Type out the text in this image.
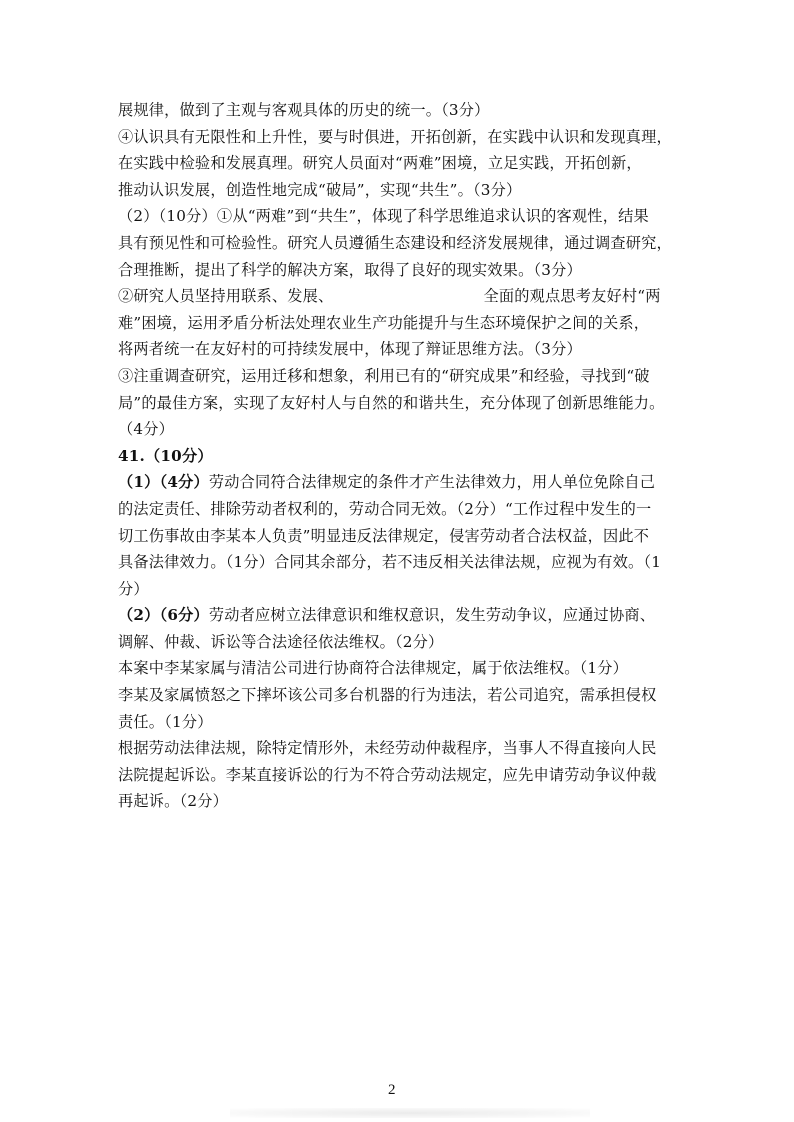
展规律，做到了主观与客观具体的历史的统一。（3分）
④认识具有无限性和上升性，要与时俱进，开拓创新，在实践中认识和发现真理，
在实践中检验和发展真理。研究人员面对“两难”困境，立足实践，开拓创新，
推动认识发展，创造性地完成“破局”，实现“共生”。（3分）
（2）（10分）①从“两难”到“共生”，体现了科学思维追求认识的客观性，结果
具有预见性和可检验性。研究人员遵循生态建设和经济发展规律，通过调查研究，
合理推断，提出了科学的解决方案，取得了良好的现实效果。（3分）
②研究人员坚持用联系、发展、	全面的观点思考友好村“两
难”困境，运用矛盾分析法处理农业生产功能提升与生态环境保护之间的关系，
将两者统一在友好村的可持续发展中，体现了辩证思维方法。（3分）
③注重调查研究，运用迁移和想象，利用已有的“研究成果”和经验，寻找到“破
局”的最佳方案，实现了友好村人与自然的和谐共生，充分体现了创新思维能力。
（4分）
41.（10分）
（1）（4分）劳动合同符合法律规定的条件才产生法律效力，用人单位免除自己
的法定责任、排除劳动者权利的，劳动合同无效。（2分）“工作过程中发生的一
切工伤事故由李某本人负责”明显违反法律规定，侵害劳动者合法权益，因此不
具备法律效力。（1分）合同其余部分，若不违反相关法律法规，应视为有效。（1
分）
（2）（6分）劳动者应树立法律意识和维权意识，发生劳动争议，应通过协商、
调解、仲裁、诉讼等合法途径依法维权。（2分）
本案中李某家属与清洁公司进行协商符合法律规定，属于依法维权。（1分）
李某及家属愤怒之下摔坏该公司多台机器的行为违法，若公司追究，需承担侵权
责任。（1分）
根据劳动法律法规，除特定情形外，未经劳动仲裁程序，当事人不得直接向人民
法院提起诉讼。李某直接诉讼的行为不符合劳动法规定，应先申请劳动争议仲裁
再起诉。（2分）
2
